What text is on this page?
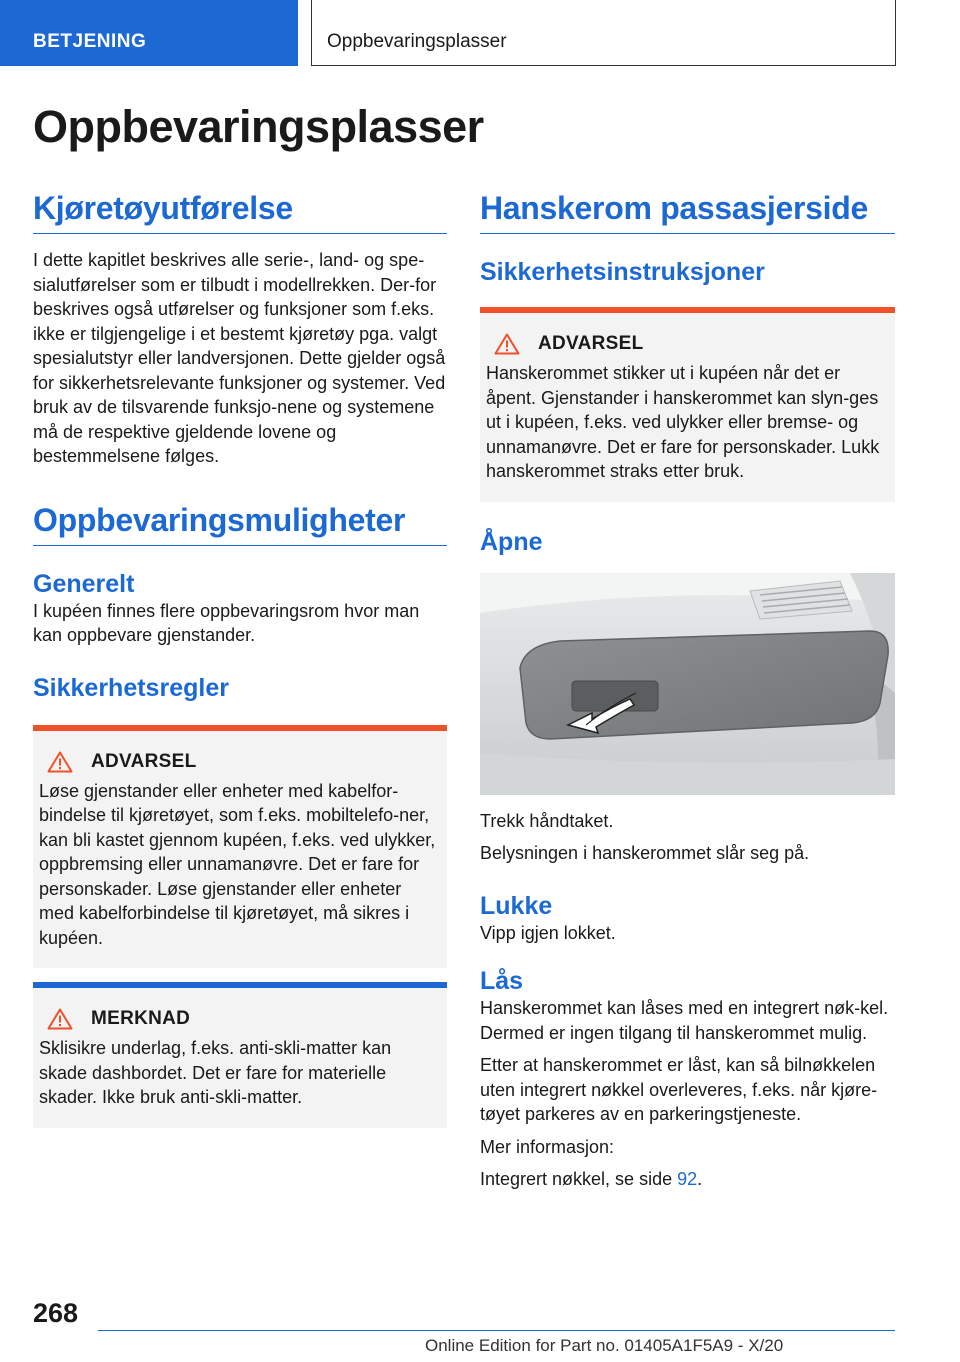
BETJENING	Oppbevaringsplasser
Oppbevaringsplasser
Kjøretøyutførelse

I dette kapitlet beskrives alle serie-, land- og spe-sialutførelser som er tilbudt i modellrekken. Der-for beskrives også utførelser og funksjoner som f.eks. ikke er tilgjengelige i et bestemt kjøretøy pga. valgt spesialutstyr eller landversjonen. Dette gjelder også for sikkerhetsrelevante funksjoner og systemer. Ved bruk av de tilsvarende funksjo-nene og systemene må de respektive gjeldende lovene og bestemmelsene følges.

Oppbevaringsmuligheter
Generelt

I kupéen finnes flere oppbevaringsrom hvor man kan oppbevare gjenstander.

Sikkerhetsregler
ADVARSEL

Løse gjenstander eller enheter med kabelfor-bindelse til kjøretøyet, som f.eks. mobiltelefo-ner, kan bli kastet gjennom kupéen, f.eks. ved ulykker, oppbremsing eller unnamanøvre. Det er fare for personskader. Løse gjenstander eller enheter med kabelforbindelse til kjøretøyet, må sikres i kupéen.

MERKNAD

Sklisikre underlag, f.eks. anti-skli-matter kan skade dashbordet. Det er fare for materielle skader. Ikke bruk anti-skli-matter.

Hanskerom passasjerside
Sikkerhetsinstruksjoner
ADVARSEL

Hanskerommet stikker ut i kupéen når det er åpent. Gjenstander i hanskerommet kan slyn-ges ut i kupéen, f.eks. ved ulykker eller bremse- og unnamanøvre. Det er fare for personskader. Lukk hanskerommet straks etter bruk.

Åpne

Trekk håndtaket.

Belysningen i hanskerommet slår seg på.

Lukke

Vipp igjen lokket.

Lås

Hanskerommet kan låses med en integrert nøk-kel. Dermed er ingen tilgang til hanskerommet mulig.

Etter at hanskerommet er låst, kan så bilnøkkelen uten integrert nøkkel overleveres, f.eks. når kjøre-tøyet parkeres av en parkeringstjeneste.

Mer informasjon:

Integrert nøkkel, se side 92.

268
Online Edition for Part no. 01405A1F5A9 - X/20
